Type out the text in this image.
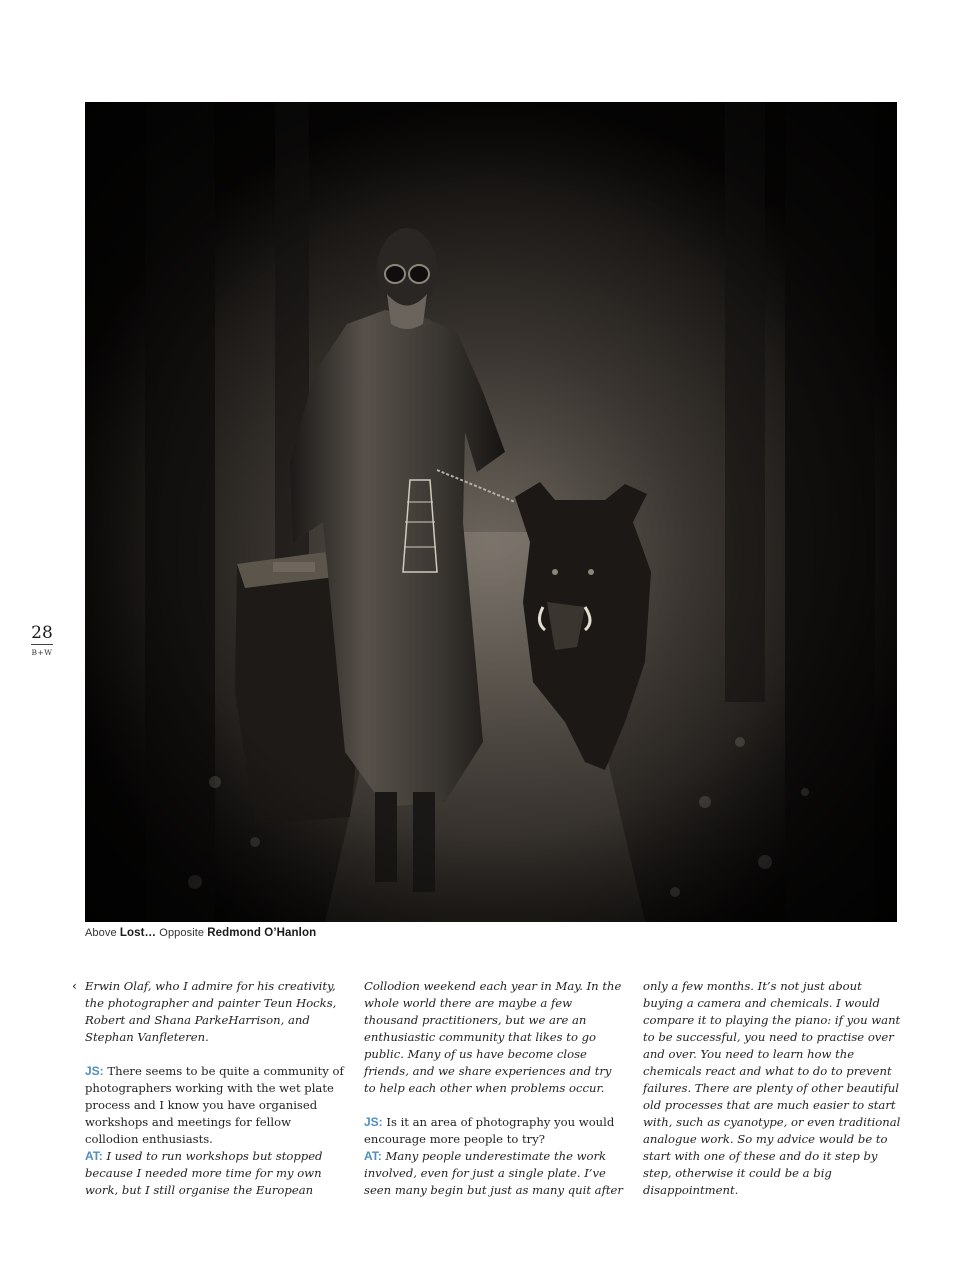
Above Lost… Opposite Redmond O’Hanlon
28
B+W
‹ Erwin Olaf, who I admire for his creativity, the photographer and painter Teun Hocks, Robert and Shana ParkeHarrison, and Stephan Vanfleteren.

JS: There seems to be quite a community of photographers working with the wet plate process and I know you have organised workshops and meetings for fellow collodion enthusiasts.

AT: I used to run workshops but stopped because I needed more time for my own work, but I still organise the European

Collodion weekend each year in May. In the whole world there are maybe a few thousand practitioners, but we are an enthusiastic community that likes to go public. Many of us have become close friends, and we share experiences and try to help each other when problems occur.

JS: Is it an area of photography you would encourage more people to try?

AT: Many people underestimate the work involved, even for just a single plate. I’ve seen many begin but just as many quit after

only a few months. It’s not just about buying a camera and chemicals. I would compare it to playing the piano: if you want to be successful, you need to practise over and over. You need to learn how the chemicals react and what to do to prevent failures. There are plenty of other beautiful old processes that are much easier to start with, such as cyanotype, or even traditional analogue work. So my advice would be to start with one of these and do it step by step, otherwise it could be a big disappointment.
